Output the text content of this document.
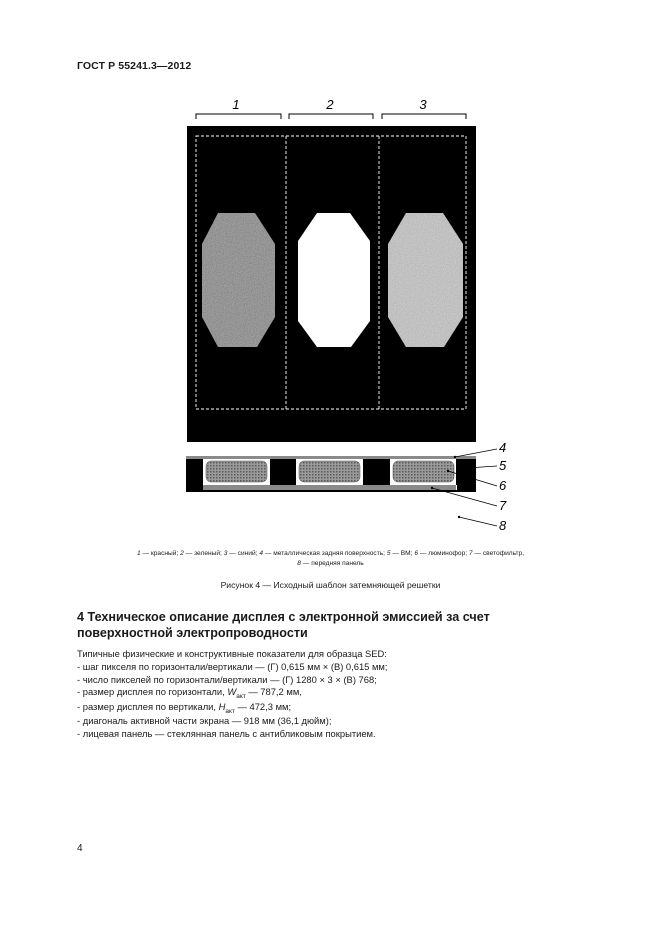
ГОСТ Р 55241.3—2012
1	2	3
4
5
6
7
8
1 — красный; 2 — зеленый; 3 — синий; 4 — металлическая задняя поверхность; 5 — ВМ; 6 — люминофор; 7 — светофильтр,
8 — передняя панель
Рисунок 4 — Исходный шаблон затемняющей решетки
4 Техническое описание дисплея с электронной эмиссией за счет поверхностной электропроводности
Типичные физические и конструктивные показатели для образца SED:
- шаг пикселя по горизонтали/вертикали — (Г) 0,615 мм × (В) 0,615 мм;
- число пикселей по горизонтали/вертикали — (Г) 1280 × 3 × (В) 768;
- размер дисплея по горизонтали, $W_{акт}$ — 787,2 мм,
- размер дисплея по вертикали, $H_{акт}$ — 472,3 мм;
- диагональ активной части экрана — 918 мм (36,1 дюйм);
- лицевая панель — стеклянная панель с антибликовым покрытием.
4
